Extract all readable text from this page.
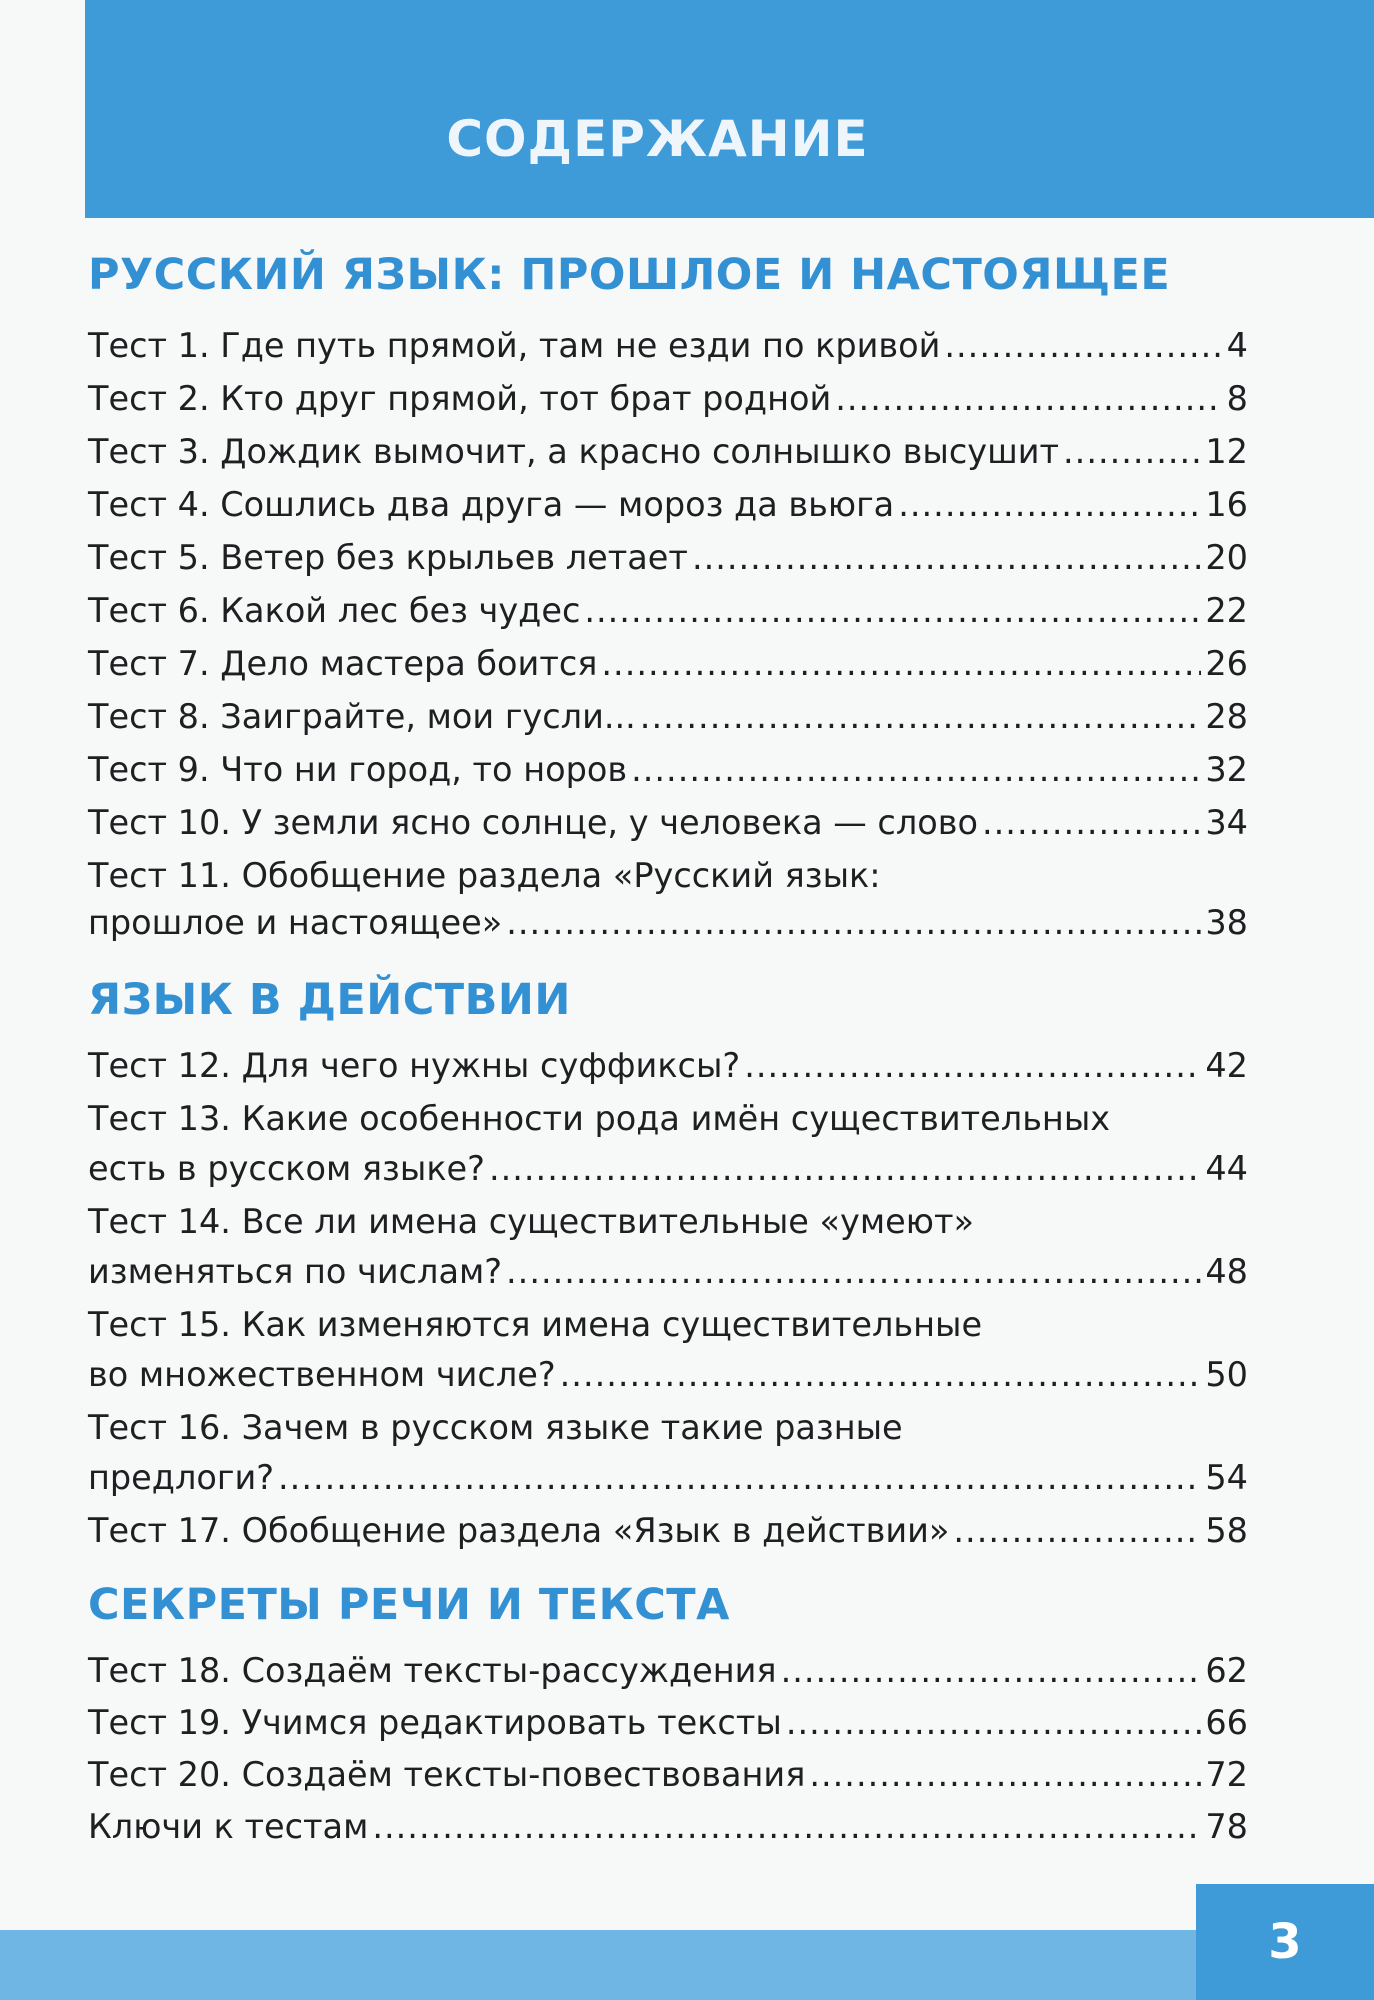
СОДЕРЖАНИЕ
РУССКИЙ ЯЗЫК: ПРОШЛОЕ И НАСТОЯЩЕЕ
Тест 1. Где путь прямой, там не езди по кривой .....	4
Тест 2. Кто друг прямой, тот брат родной .....	8
Тест 3. Дождик вымочит, а красно солнышко высушит .....	12
Тест 4. Сошлись два друга — мороз да вьюга .....	16
Тест 5. Ветер без крыльев летает .....	20
Тест 6. Какой лес без чудес .....	22
Тест 7. Дело мастера боится .....	26
Тест 8. Заиграйте, мои гусли... .....	28
Тест 9. Что ни город, то норов .....	32
Тест 10. У земли ясно солнце, у человека — слово .....	34
Тест 11. Обобщение раздела «Русский язык:
прошлое и настоящее» .....	38
ЯЗЫК В ДЕЙСТВИИ
Тест 12. Для чего нужны суффиксы? .....	42
Тест 13. Какие особенности рода имён существительных
есть в русском языке? .....	44
Тест 14. Все ли имена существительные «умеют»
изменяться по числам? .....	48
Тест 15. Как изменяются имена существительные
во множественном числе? .....	50
Тест 16. Зачем в русском языке такие разные
предлоги? .....	54
Тест 17. Обобщение раздела «Язык в действии» .....	58
СЕКРЕТЫ РЕЧИ И ТЕКСТА
Тест 18. Создаём тексты-рассуждения .....	62
Тест 19. Учимся редактировать тексты .....	66
Тест 20. Создаём тексты-повествования .....	72
Ключи к тестам .....	78
3
